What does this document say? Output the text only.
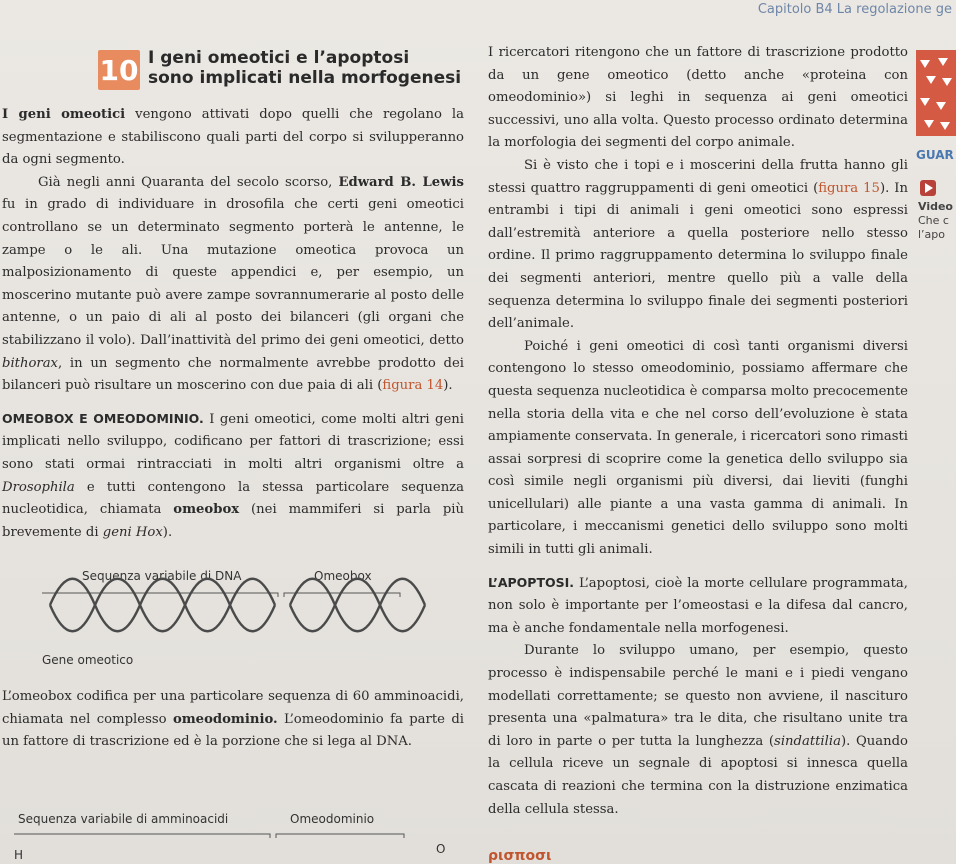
Capitolo B4 La regolazione ge
10 I geni omeotici e l’apoptosi
sono implicati nella morfogenesi

I geni omeotici vengono attivati dopo quelli che regolano la segmentazione e stabiliscono quali parti del corpo si svilupperanno da ogni segmento.

Già negli anni Quaranta del secolo scorso, Edward B. Lewis fu in grado di individuare in drosofila che certi geni omeotici controllano se un determinato segmento porterà le antenne, le zampe o le ali. Una mutazione omeotica provoca un malposizionamento di queste appendici e, per esempio, un moscerino mutante può avere zampe sovrannumerarie al posto delle antenne, o un paio di ali al posto dei bilanceri (gli organi che stabilizzano il volo). Dall’inattività del primo dei geni omeotici, detto bithorax, in un segmento che normalmente avrebbe prodotto dei bilanceri può risultare un moscerino con due paia di ali (figura 14).

OMEOBOX E OMEODOMINIO. I geni omeotici, come molti altri geni implicati nello sviluppo, codificano per fattori di trascrizione; essi sono stati ormai rintracciati in molti altri organismi oltre a Drosophila e tutti contengono la stessa particolare sequenza nucleotidica, chiamata omeobox (nei mammiferi si parla più brevemente di geni Hox).

Sequenza variabile di DNA	Omeobox
Gene omeotico

L’omeobox codifica per una particolare sequenza di 60 amminoacidi, chiamata nel complesso omeodominio. L’omeodominio fa parte di un fattore di trascrizione ed è la porzione che si lega al DNA.

Sequenza variabile di amminoacidi	Omeodominio
H	O

I ricercatori ritengono che un fattore di trascrizione prodotto da un gene omeotico (detto anche «proteina con omeodominio») si leghi in sequenza ai geni omeotici successivi, uno alla volta. Questo processo ordinato determina la morfologia dei segmenti del corpo animale.

Si è visto che i topi e i moscerini della frutta hanno gli stessi quattro raggruppamenti di geni omeotici (figura 15). In entrambi i tipi di animali i geni omeotici sono espressi dall’estremità anteriore a quella posteriore nello stesso ordine. Il primo raggruppamento determina lo sviluppo finale dei segmenti anteriori, mentre quello più a valle della sequenza determina lo sviluppo finale dei segmenti posteriori dell’animale.

Poiché i geni omeotici di così tanti organismi diversi contengono lo stesso omeodominio, possiamo affermare che questa sequenza nucleotidica è comparsa molto precocemente nella storia della vita e che nel corso dell’evoluzione è stata ampiamente conservata. In generale, i ricercatori sono rimasti assai sorpresi di scoprire come la genetica dello sviluppo sia così simile negli organismi più diversi, dai lieviti (funghi unicellulari) alle piante a una vasta gamma di animali. In particolare, i meccanismi genetici dello sviluppo sono molti simili in tutti gli animali.

L’APOPTOSI. L’apoptosi, cioè la morte cellulare programmata, non solo è importante per l’omeostasi e la difesa dal cancro, ma è anche fondamentale nella morfogenesi.

Durante lo sviluppo umano, per esempio, questo processo è indispensabile perché le mani e i piedi vengano modellati correttamente; se questo non avviene, il nascituro presenta una «palmatura» tra le dita, che risultano unite tra di loro in parte o per tutta la lunghezza (sindattilia). Quando la cellula riceve un segnale di apoptosi si innesca quella cascata di reazioni che termina con la distruzione enzimatica della cellula stessa.

ρισποσι
GUAR
Video
Che c
l’apo
